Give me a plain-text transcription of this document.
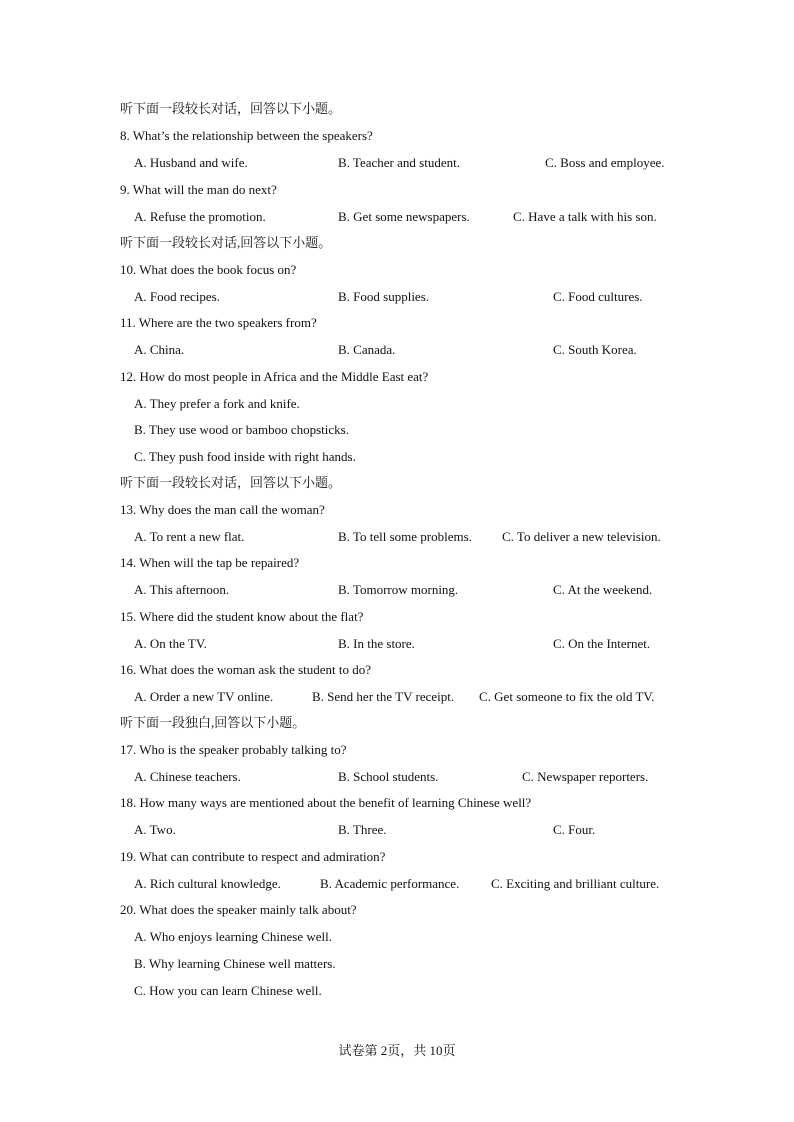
听下面一段较长对话，回答以下小题。
8. What’s the relationship between the speakers?
A. Husband and wife.	B. Teacher and student.	C. Boss and employee.
9. What will the man do next?
A. Refuse the promotion.	B. Get some newspapers.	C. Have a talk with his son.
听下面一段较长对话,回答以下小题。
10. What does the book focus on?
A. Food recipes.	B. Food supplies.	C. Food cultures.
11. Where are the two speakers from?
A. China.	B. Canada.	C. South Korea.
12. How do most people in Africa and the Middle East eat?
A. They prefer a fork and knife.
B. They use wood or bamboo chopsticks.
C. They push food inside with right hands.
听下面一段较长对话，回答以下小题。
13. Why does the man call the woman?
A. To rent a new flat.	B. To tell some problems. C. To deliver a new television.
14. When will the tap be repaired?
A. This afternoon.	B. Tomorrow morning.	C. At the weekend.
15. Where did the student know about the flat?
A. On the TV.	B. In the store.	C. On the Internet.
16. What does the woman ask the student to do?
A. Order a new TV online.	B. Send her the TV receipt. C. Get someone to fix the old TV.
听下面一段独白,回答以下小题。
17. Who is the speaker probably talking to?
A. Chinese teachers.	B. School students.	C. Newspaper reporters.
18. How many ways are mentioned about the benefit of learning Chinese well?
A. Two.	B. Three.	C. Four.
19. What can contribute to respect and admiration?
A. Rich cultural knowledge.	B. Academic performance. C. Exciting and brilliant culture.
20. What does the speaker mainly talk about?
A. Who enjoys learning Chinese well.
B. Why learning Chinese well matters.
C. How you can learn Chinese well.
试卷第 2页，共 10页
